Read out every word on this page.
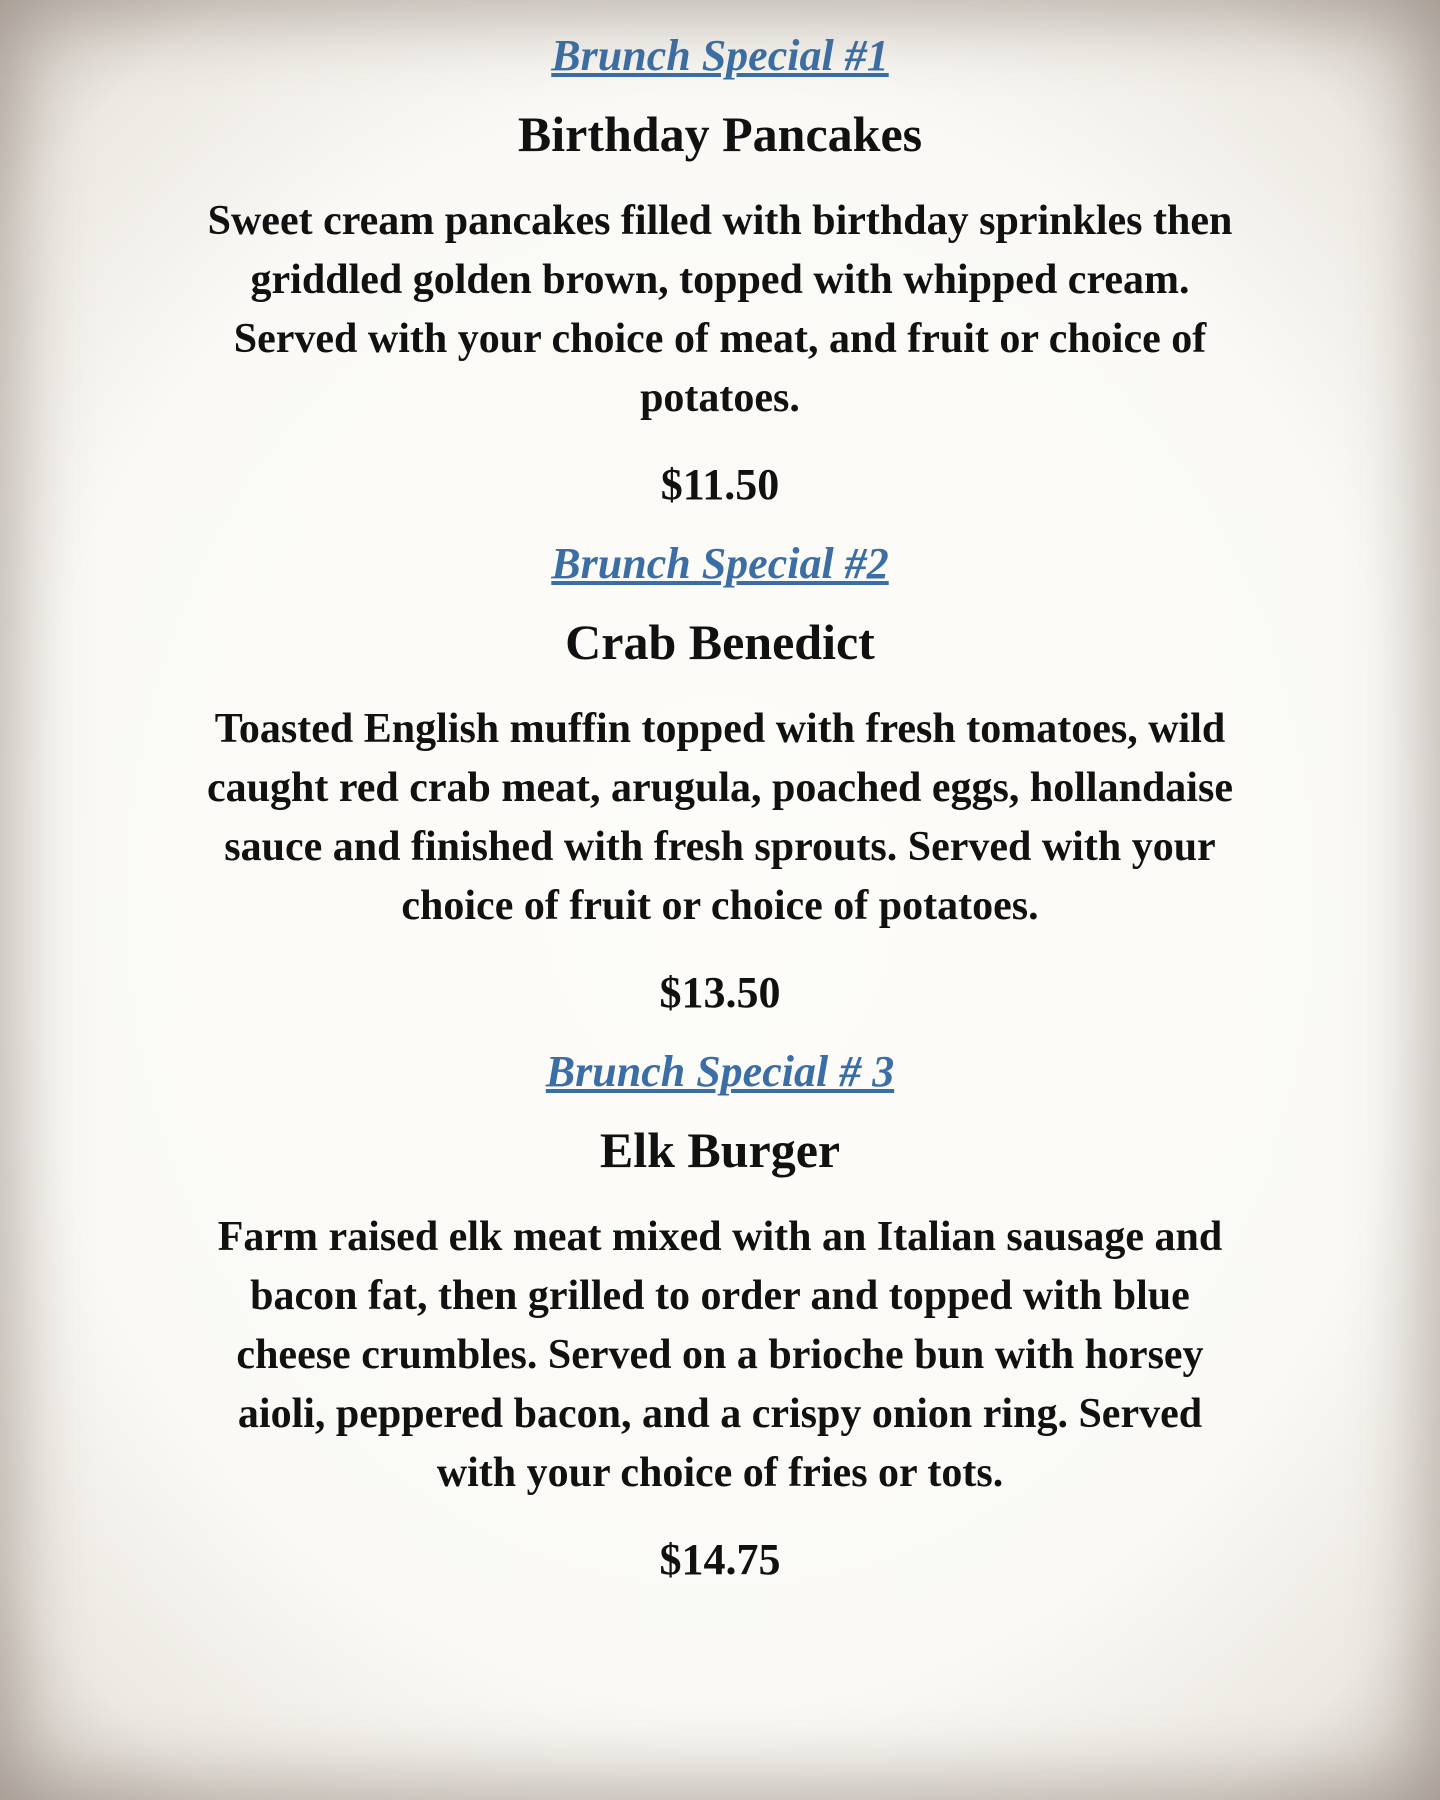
Brunch Special #1
Birthday Pancakes

Sweet cream pancakes filled with birthday sprinkles then griddled golden brown, topped with whipped cream. Served with your choice of meat, and fruit or choice of potatoes.

$11.50

Brunch Special #2
Crab Benedict

Toasted English muffin topped with fresh tomatoes, wild caught red crab meat, arugula, poached eggs, hollandaise sauce and finished with fresh sprouts. Served with your choice of fruit or choice of potatoes.

$13.50

Brunch Special # 3
Elk Burger

Farm raised elk meat mixed with an Italian sausage and bacon fat, then grilled to order and topped with blue cheese crumbles. Served on a brioche bun with horsey aioli, peppered bacon, and a crispy onion ring. Served with your choice of fries or tots.

$14.75
